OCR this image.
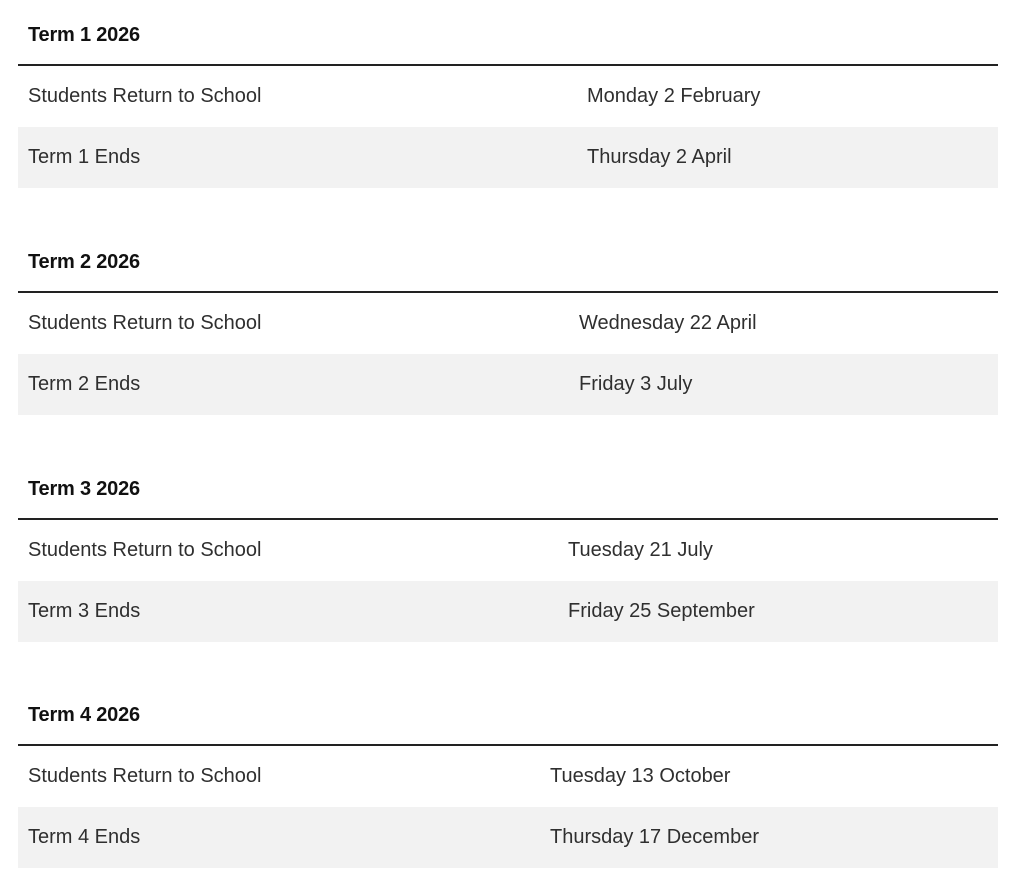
Term 1 2026
Students Return to School	Monday 2 February
Term 1 Ends	Thursday 2 April
Term 2 2026
Students Return to School	Wednesday 22 April
Term 2 Ends	Friday 3 July
Term 3 2026
Students Return to School	Tuesday 21 July
Term 3 Ends	Friday 25 September
Term 4 2026
Students Return to School	Tuesday 13 October
Term 4 Ends	Thursday 17 December
